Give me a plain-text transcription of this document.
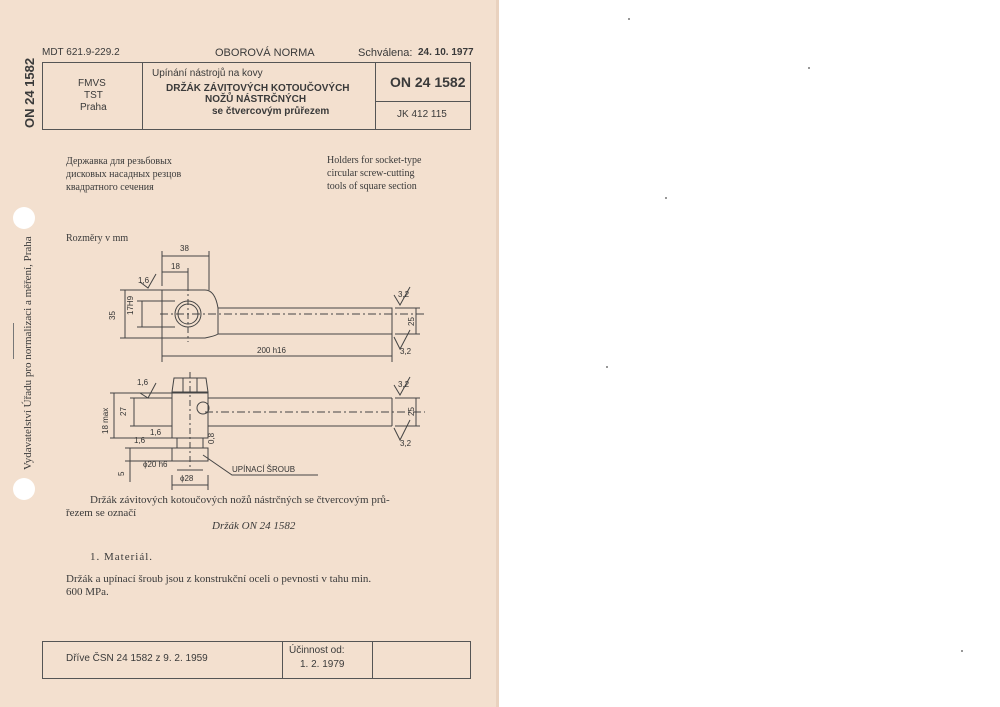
MDT 621.9-229.2	OBOROVÁ NORMA	Schválena: 24. 10. 1977
FMVS
TST
Praha
Upínání nástrojů na kovy
DRŽÁK ZÁVITOVÝCH KOTOUČOVÝCH
NOŽŮ NÁSTRČNÝCH
se čtvercovým průřezem
ON 24 1582
JK 412 115
ON 24 1582
Vydavatelství Úřadu pro normalizaci a měření, Praha
Державка для резьбовых
дисковых насадных резцов
квадратного сечения
Holders for socket-type
circular screw-cutting
tools of square section
Rozměry v mm
38
18
1,6
17H9
35
3,2
25
200 h16	3,2
1,6	3,2
18 max 27	25
1,6
1,6
0,8	3,2
5
ϕ20 h6
ϕ28
UPÍNACÍ ŠROUB
Držák závitových kotoučových nožů nástrčných se čtvercovým prů-
řezem se označí
Držák ON 24 1582
1. Materiál.
Držák a upínací šroub jsou z konstrukční oceli o pevnosti v tahu min.
600 MPa.
Dříve ČSN 24 1582 z 9. 2. 1959
Účinnost od:
1. 2. 1979
